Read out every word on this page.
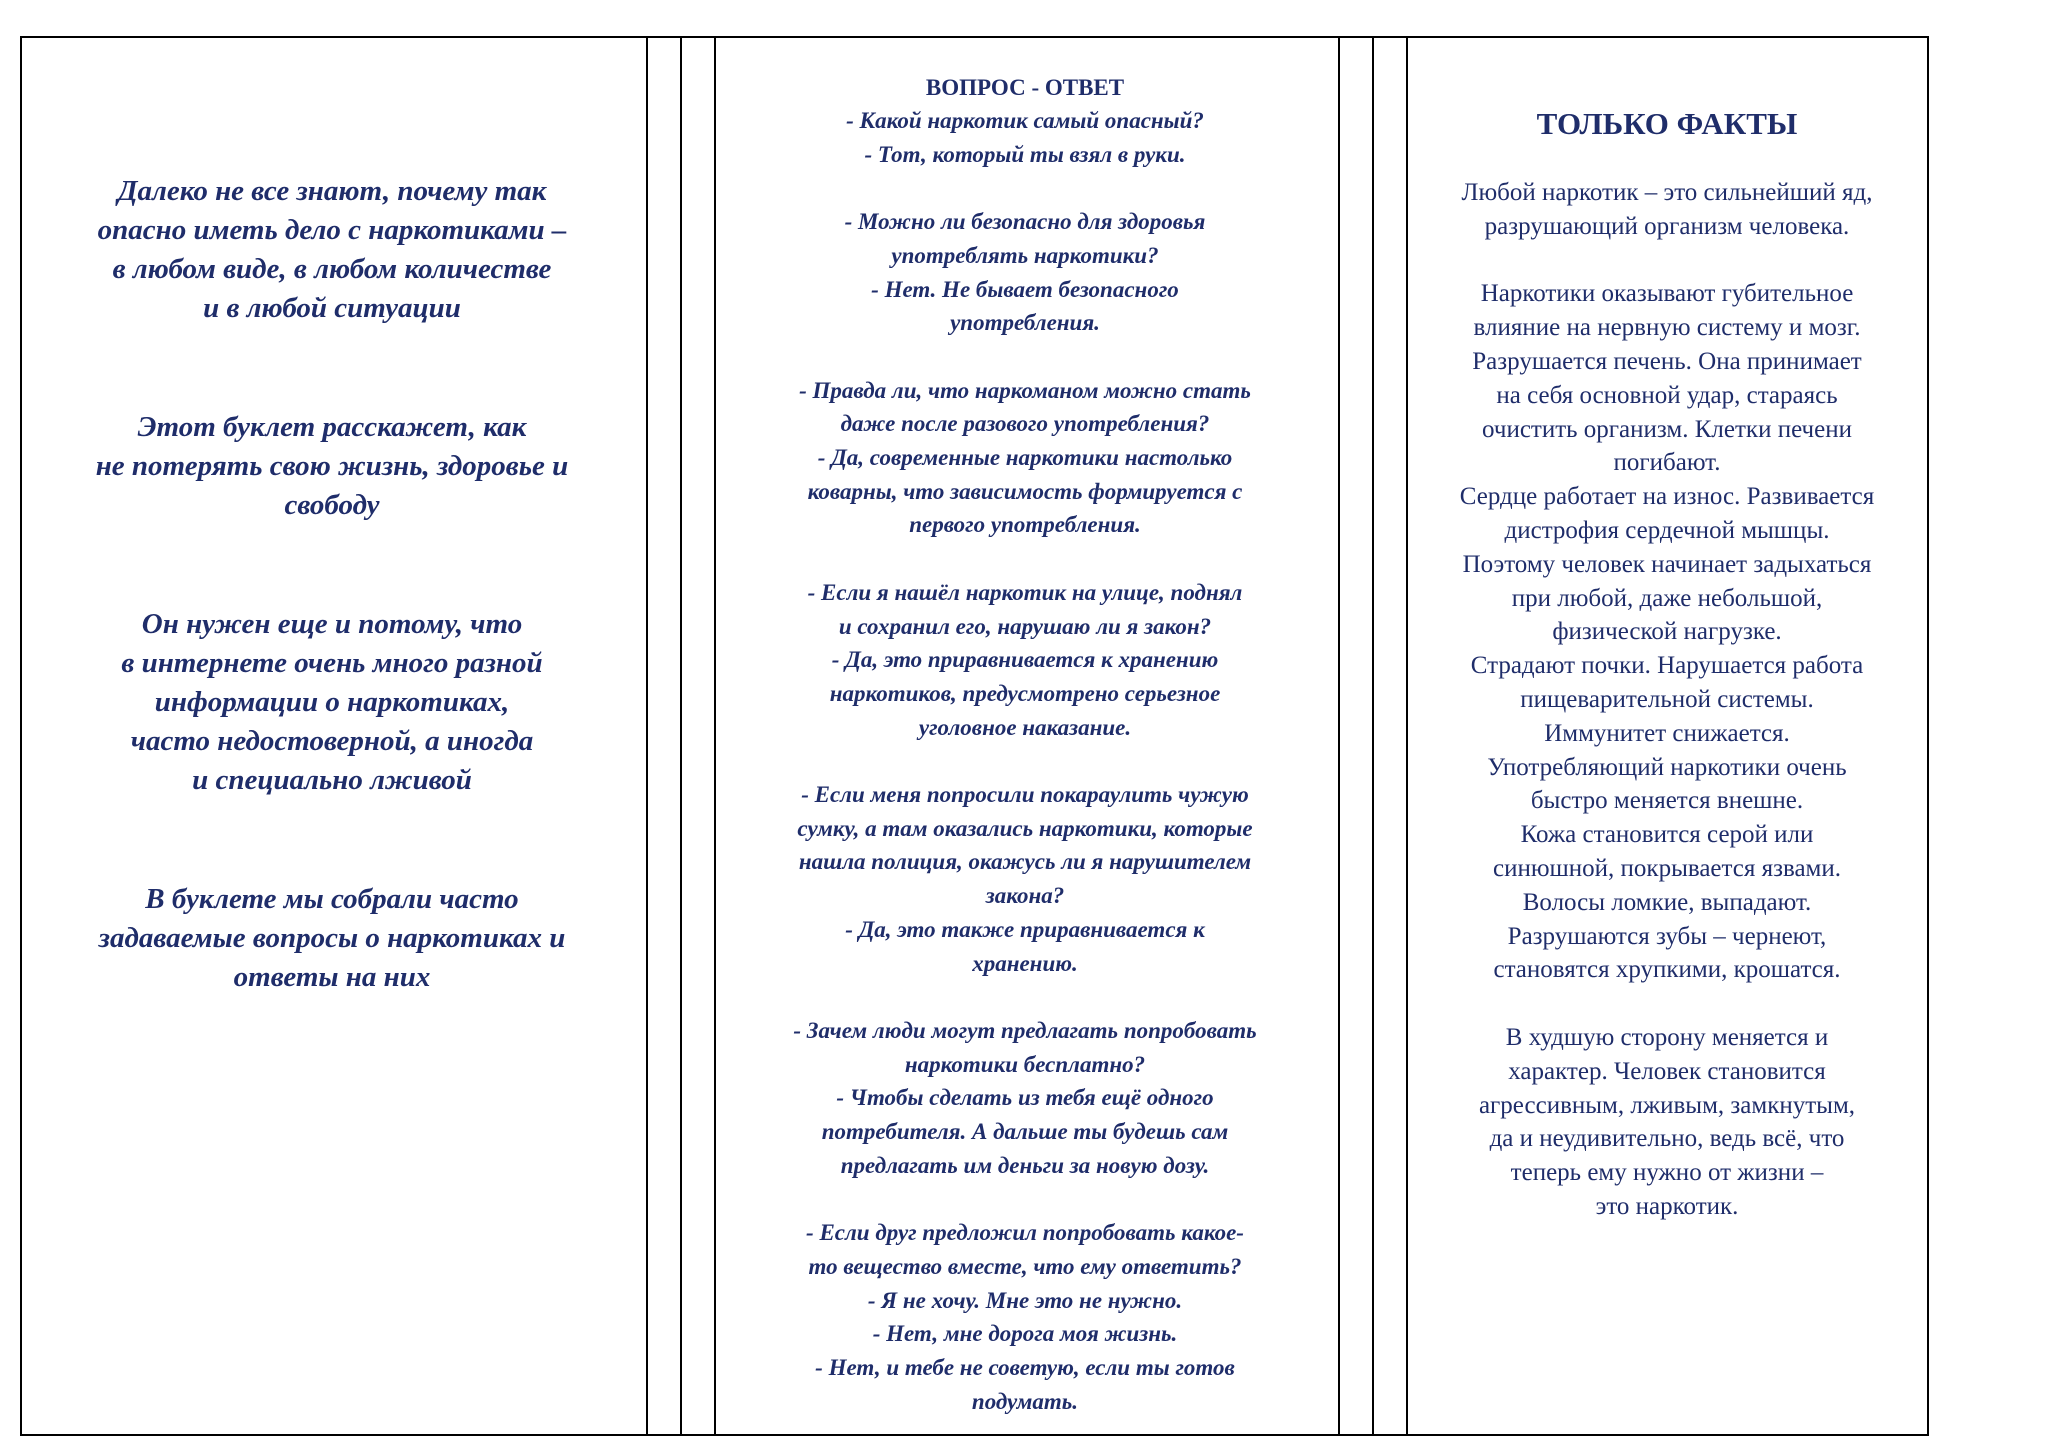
Далеко не все знают, почему так
опасно иметь дело с наркотиками –
в любом виде, в любом количестве
и в любой ситуации

Этот буклет расскажет, как
не потерять свою жизнь, здоровье и
свободу

Он нужен еще и потому, что
в интернете очень много разной
информации о наркотиках,
часто недостоверной, а иногда
и специально лживой

В буклете мы собрали часто
задаваемые вопросы о наркотиках и
ответы на них

ВОПРОС - ОТВЕТ

- Какой наркотик самый опасный?
- Тот, который ты взял в руки.

- Можно ли безопасно для здоровья
употреблять наркотики?
- Нет. Не бывает безопасного
употребления.

- Правда ли, что наркоманом можно стать
даже после разового употребления?
- Да, современные наркотики настолько
коварны, что зависимость формируется с
первого употребления.

- Если я нашёл наркотик на улице, поднял
и сохранил его, нарушаю ли я закон?
- Да, это приравнивается к хранению
наркотиков, предусмотрено серьезное
уголовное наказание.

- Если меня попросили покараулить чужую
сумку, а там оказались наркотики, которые
нашла полиция, окажусь ли я нарушителем
закона?
- Да, это также приравнивается к
хранению.

- Зачем люди могут предлагать попробовать
наркотики бесплатно?
- Чтобы сделать из тебя ещё одного
потребителя. А дальше ты будешь сам
предлагать им деньги за новую дозу.

- Если друг предложил попробовать какое-
то вещество вместе, что ему ответить?
- Я не хочу. Мне это не нужно.
- Нет, мне дорога моя жизнь.
- Нет, и тебе не советую, если ты готов
подумать.

ТОЛЬКО ФАКТЫ

Любой наркотик – это сильнейший яд,
разрушающий организм человека.

Наркотики оказывают губительное
влияние на нервную систему и мозг.
Разрушается печень. Она принимает
на себя основной удар, стараясь
очистить организм. Клетки печени
погибают.
Сердце работает на износ. Развивается
дистрофия сердечной мышцы.
Поэтому человек начинает задыхаться
при любой, даже небольшой,
физической нагрузке.
Страдают почки. Нарушается работа
пищеварительной системы.
Иммунитет снижается.
Употребляющий наркотики очень
быстро меняется внешне.
Кожа становится серой или
синюшной, покрывается язвами.
Волосы ломкие, выпадают.
Разрушаются зубы – чернеют,
становятся хрупкими, крошатся.

В худшую сторону меняется и
характер. Человек становится
агрессивным, лживым, замкнутым,
да и неудивительно, ведь всё, что
теперь ему нужно от жизни –
это наркотик.
